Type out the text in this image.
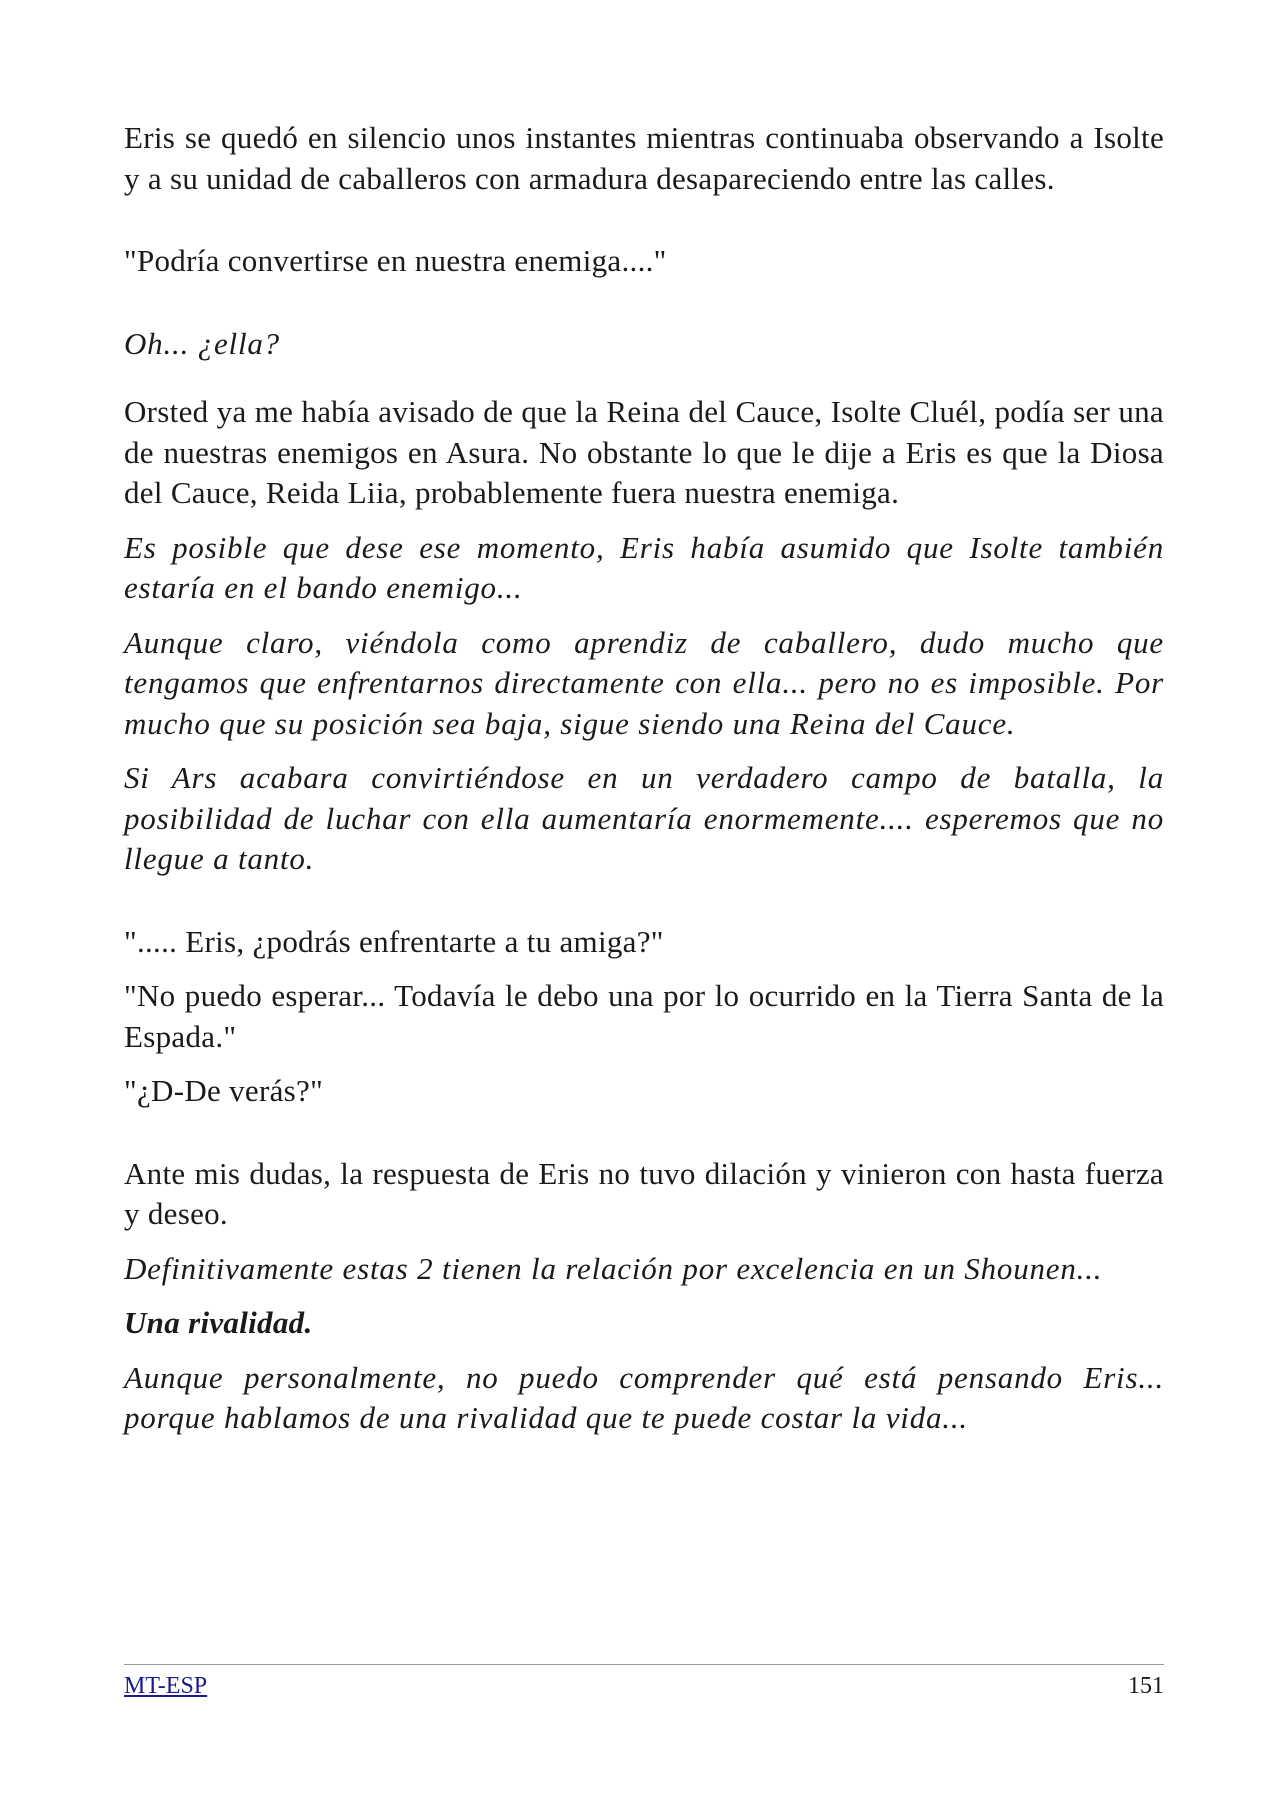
Eris se quedó en silencio unos instantes mientras continuaba observando a Isolte y a su unidad de caballeros con armadura desapareciendo entre las calles.

"Podría convertirse en nuestra enemiga...."

Oh... ¿ella?

Orsted ya me había avisado de que la Reina del Cauce, Isolte Cluél, podía ser una de nuestras enemigos en Asura. No obstante lo que le dije a Eris es que la Diosa del Cauce, Reida Liia, probablemente fuera nuestra enemiga.

Es posible que dese ese momento, Eris había asumido que Isolte también estaría en el bando enemigo...

Aunque claro, viéndola como aprendiz de caballero, dudo mucho que tengamos que enfrentarnos directamente con ella... pero no es imposible. Por mucho que su posición sea baja, sigue siendo una Reina del Cauce.

Si Ars acabara convirtiéndose en un verdadero campo de batalla, la posibilidad de luchar con ella aumentaría enormemente.... esperemos que no llegue a tanto.

"..... Eris, ¿podrás enfrentarte a tu amiga?"

"No puedo esperar... Todavía le debo una por lo ocurrido en la Tierra Santa de la Espada."

"¿D-De verás?"

Ante mis dudas, la respuesta de Eris no tuvo dilación y vinieron con hasta fuerza y deseo.

Definitivamente estas 2 tienen la relación por excelencia en un Shounen...

Una rivalidad.

Aunque personalmente, no puedo comprender qué está pensando Eris... porque hablamos de una rivalidad que te puede costar la vida...

MT-ESP	151
